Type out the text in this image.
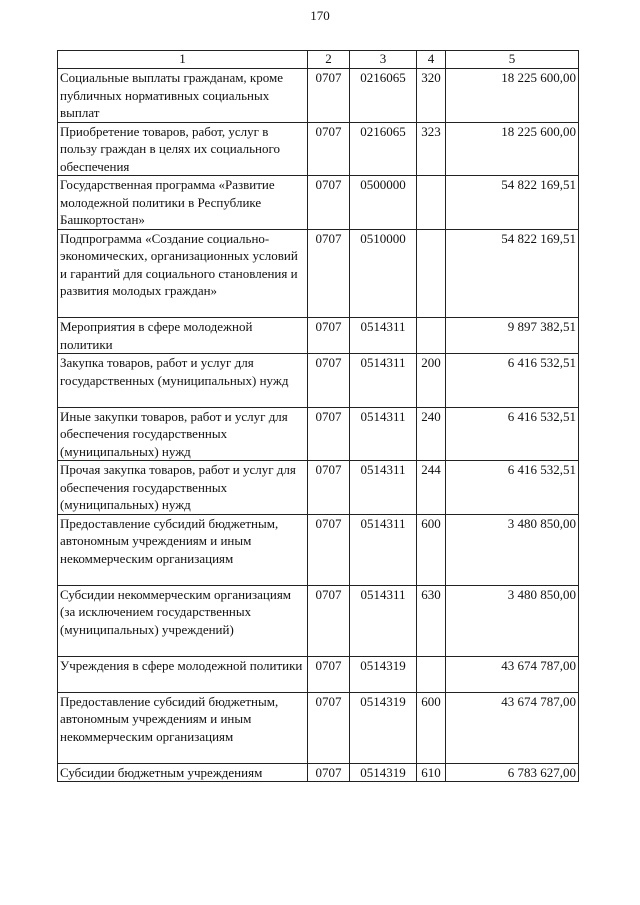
170
1	2	3	4	5
Социальные выплаты гражданам, кроме публичных нормативных социальных выплат	0707	0216065	320	18 225 600,00
Приобретение товаров, работ, услуг в пользу граждан в целях их социального обеспечения	0707	0216065	323	18 225 600,00
Государственная программа «Развитие молодежной политики в Республике Башкортостан»	0707	0500000		54 822 169,51
Подпрограмма «Создание социально-экономических, организационных условий и гарантий для социального становления и развития молодых граждан»	0707	0510000		54 822 169,51
Мероприятия в сфере молодежной политики	0707	0514311		9 897 382,51
Закупка товаров, работ и услуг для государственных (муниципальных) нужд	0707	0514311	200	6 416 532,51
Иные закупки товаров, работ и услуг для обеспечения государственных (муниципальных) нужд	0707	0514311	240	6 416 532,51
Прочая закупка товаров, работ и услуг для обеспечения государственных (муниципальных) нужд	0707	0514311	244	6 416 532,51
Предоставление субсидий бюджетным, автономным учреждениям и иным некоммерческим организациям	0707	0514311	600	3 480 850,00
Субсидии некоммерческим организациям (за исключением государственных (муниципальных) учреждений)	0707	0514311	630	3 480 850,00
Учреждения в сфере молодежной политики	0707	0514319		43 674 787,00
Предоставление субсидий бюджетным, автономным учреждениям и иным некоммерческим организациям	0707	0514319	600	43 674 787,00
Субсидии бюджетным учреждениям	0707	0514319	610	6 783 627,00
